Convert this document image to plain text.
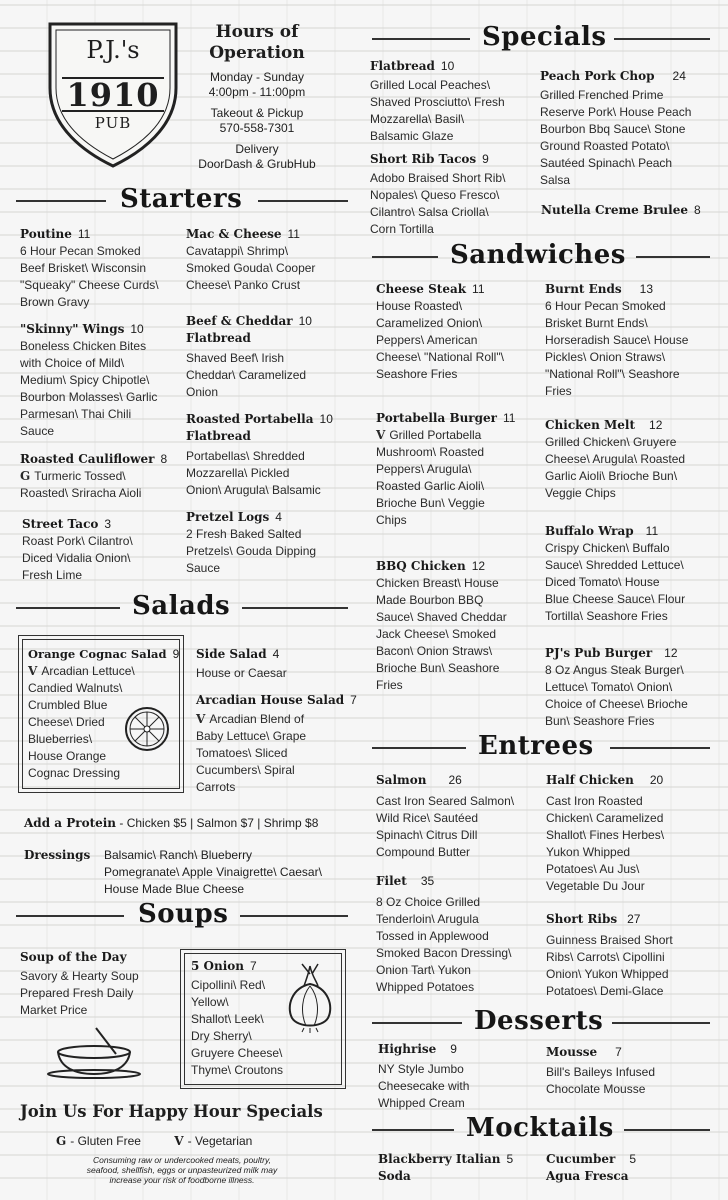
P.J.'s
1910
PUB
Hours of
Operation
Monday - Sunday
4:00pm - 11:00pm
Takeout & Pickup
570-558-7301
Delivery
DoorDash & GrubHub
Starters
Poutine 11
6 Hour Pecan Smoked
Beef Brisket\ Wisconsin
"Squeaky" Cheese Curds\
Brown Gravy
"Skinny" Wings 10
Boneless Chicken Bites
with Choice of Mild\
Medium\ Spicy Chipotle\
Bourbon Molasses\ Garlic
Parmesan\ Thai Chili
Sauce
Roasted Cauliflower 8
G Turmeric Tossed\
Roasted\ Sriracha Aioli
Street Taco 3
Roast Pork\ Cilantro\
Diced Vidalia Onion\
Fresh Lime
Mac & Cheese 11
Cavatappi\ Shrimp\
Smoked Gouda\ Cooper
Cheese\ Panko Crust
Beef & Cheddar 10
Flatbread
Shaved Beef\ Irish
Cheddar\ Caramelized
Onion
Roasted Portabella 10
Flatbread
Portabellas\ Shredded
Mozzarella\ Pickled
Onion\ Arugula\ Balsamic
Pretzel Logs 4
2 Fresh Baked Salted
Pretzels\ Gouda Dipping
Sauce
Salads
Orange Cognac Salad 9
V Arcadian Lettuce\
Candied Walnuts\
Crumbled Blue
Cheese\ Dried
Blueberries\
House Orange
Cognac Dressing
Side Salad 4
House or Caesar
Arcadian House Salad 7
V Arcadian Blend of
Baby Lettuce\ Grape
Tomatoes\ Sliced
Cucumbers\ Spiral
Carrots
Add a Protein - Chicken $5 | Salmon $7 | Shrimp $8
Dressings Balsamic\ Ranch\ Blueberry
Pomegranate\ Apple Vinaigrette\ Caesar\
House Made Blue Cheese
Soups
Soup of the Day
Savory & Hearty Soup
Prepared Fresh Daily
Market Price
5 Onion 7
Cipollini\ Red\
Yellow\
Shallot\ Leek\
Dry Sherry\
Gruyere Cheese\
Thyme\ Croutons
Join Us For Happy Hour Specials
G - Gluten Free	V - Vegetarian
Consuming raw or undercooked meats, poultry,
seafood, shellfish, eggs or unpasteurized milk may
increase your risk of foodborne illness.
Specials
Flatbread 10
Grilled Local Peaches\
Shaved Prosciutto\ Fresh
Mozzarella\ Basil\
Balsamic Glaze
Short Rib Tacos 9
Adobo Braised Short Rib\
Nopales\ Queso Fresco\
Cilantro\ Salsa Criolla\
Corn Tortilla
Peach Pork Chop 24
Grilled Frenched Prime
Reserve Pork\ House Peach
Bourbon Bbq Sauce\ Stone
Ground Roasted Potato\
Sautéed Spinach\ Peach
Salsa
Nutella Creme Brulee 8
Sandwiches
Cheese Steak 11
House Roasted\
Caramelized Onion\
Peppers\ American
Cheese\ "National Roll"\
Seashore Fries
Portabella Burger 11
V Grilled Portabella
Mushroom\ Roasted
Peppers\ Arugula\
Roasted Garlic Aioli\
Brioche Bun\ Veggie
Chips
BBQ Chicken 12
Chicken Breast\ House
Made Bourbon BBQ
Sauce\ Shaved Cheddar
Jack Cheese\ Smoked
Bacon\ Onion Straws\
Brioche Bun\ Seashore
Fries
Burnt Ends 13
6 Hour Pecan Smoked
Brisket Burnt Ends\
Horseradish Sauce\ House
Pickles\ Onion Straws\
"National Roll"\ Seashore
Fries
Chicken Melt 12
Grilled Chicken\ Gruyere
Cheese\ Arugula\ Roasted
Garlic Aioli\ Brioche Bun\
Veggie Chips
Buffalo Wrap 11
Crispy Chicken\ Buffalo
Sauce\ Shredded Lettuce\
Diced Tomato\ House
Blue Cheese Sauce\ Flour
Tortilla\ Seashore Fries
PJ's Pub Burger 12
8 Oz Angus Steak Burger\
Lettuce\ Tomato\ Onion\
Choice of Cheese\ Brioche
Bun\ Seashore Fries
Entrees
Salmon 26
Cast Iron Seared Salmon\
Wild Rice\ Sautéed
Spinach\ Citrus Dill
Compound Butter
Filet 35
8 Oz Choice Grilled
Tenderloin\ Arugula
Tossed in Applewood
Smoked Bacon Dressing\
Onion Tart\ Yukon
Whipped Potatoes
Half Chicken 20
Cast Iron Roasted
Chicken\ Caramelized
Shallot\ Fines Herbes\
Yukon Whipped
Potatoes\ Au Jus\
Vegetable Du Jour
Short Ribs 27
Guinness Braised Short
Ribs\ Carrots\ Cipollini
Onion\ Yukon Whipped
Potatoes\ Demi-Glace
Desserts
Highrise 9
NY Style Jumbo
Cheesecake with
Whipped Cream
Mousse 7
Bill's Baileys Infused
Chocolate Mousse
Mocktails
Blackberry Italian 5
Soda
Cucumber 5
Agua Fresca
